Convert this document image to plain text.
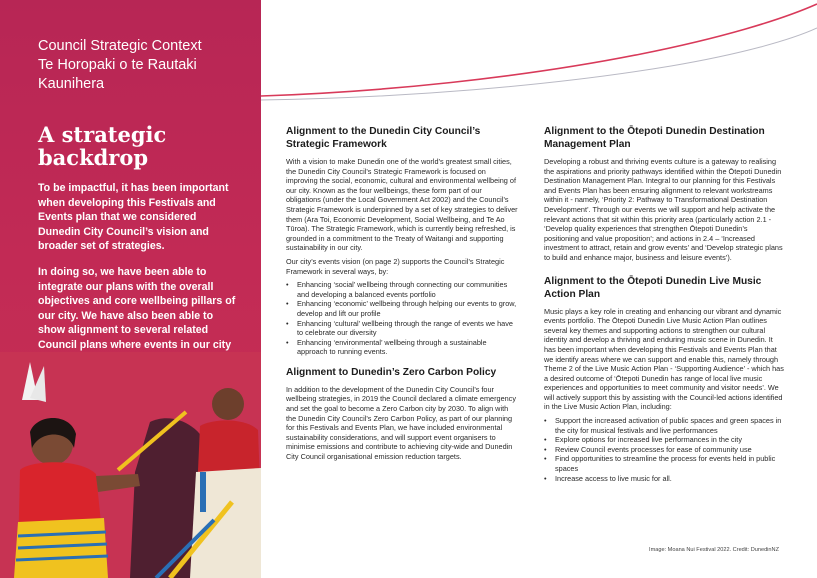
Council Strategic Context
Te Horopaki o te Rautaki
Kaunihera
A strategic
backdrop

To be impactful, it has been important when developing this Festivals and Events plan that we considered Dunedin City Council’s vision and broader set of strategies.

In doing so, we have been able to integrate our plans with the overall objectives and core wellbeing pillars of our city. We have also been able to show alignment to several related Council plans where events in our city

Alignment to the Dunedin City Council’s Strategic Framework

With a vision to make Dunedin one of the world’s greatest small cities, the Dunedin City Council’s Strategic Framework is focused on improving the social, economic, cultural and environmental wellbeing of our city. Known as the four wellbeings, these form part of our obligations (under the Local Government Act 2002) and the Council’s Strategic Framework is underpinned by a set of key strategies to deliver them (Ara Toi, Economic Development, Social Wellbeing, and Te Ao Tūroa). The Strategic Framework, which is currently being refreshed, is grounded in a commitment to the Treaty of Waitangi and supporting sustainability in our city.

Our city’s events vision (on page 2) supports the Council’s Strategic Framework in several ways, by:

• Enhancing ‘social’ wellbeing through connecting our communities and developing a balanced events portfolio
• Enhancing ‘economic’ wellbeing through helping our events to grow, develop and lift our profile
• Enhancing ‘cultural’ wellbeing through the range of events we have to celebrate our diversity
• Enhancing ‘environmental’ wellbeing through a sustainable approach to running events.
Alignment to Dunedin’s Zero Carbon Policy

In addition to the development of the Dunedin City Council’s four wellbeing strategies, in 2019 the Council declared a climate emergency and set the goal to become a Zero Carbon city by 2030. To align with the Dunedin City Council’s Zero Carbon Policy, as part of our planning for this Festivals and Events Plan, we have included environmental sustainability considerations, and will support event organisers to minimise emissions and contribute to achieving city-wide and Dunedin City Council organisational emission reduction targets.

Alignment to the Ōtepoti Dunedin Destination Management Plan

Developing a robust and thriving events culture is a gateway to realising the aspirations and priority pathways identified within the Ōtepoti Dunedin Destination Management Plan. Integral to our planning for this Festivals and Events Plan has been ensuring alignment to relevant workstreams within it - namely, ‘Priority 2: Pathway to Transformational Destination Development’. Through our events we will support and help activate the relevant actions that sit within this priority area (particularly action 2.1 - ‘Develop quality experiences that strengthen Ōtepoti Dunedin’s positioning and value proposition’; and actions in 2.4 – ‘Increased investment to attract, retain and grow events’ and ‘Develop strategic plans to build and enhance major, business and leisure events’).

Alignment to the Ōtepoti Dunedin Live Music Action Plan

Music plays a key role in creating and enhancing our vibrant and dynamic events portfolio. The Ōtepoti Dunedin Live Music Action Plan outlines several key themes and supporting actions to strengthen our cultural identity and develop a thriving and enduring music scene in Dunedin. It has been important when developing this Festivals and Events Plan that we identify areas where we can support and enable this, namely through Theme 2 of the Live Music Action Plan - ‘Supporting Audience’ - which has a desired outcome of ‘Ōtepoti Dunedin has range of local live music experiences and opportunities to meet community and visitor needs’. We will actively support this by assisting with the Council-led actions identified in the Live Music Action Plan, including:

• Support the increased activation of public spaces and green spaces in the city for musical festivals and live performances
• Explore options for increased live performances in the city
• Review Council events processes for ease of community use
• Find opportunities to streamline the process for events held in public spaces
• Increase access to live music for all.
Image: Moana Nui Festival 2022. Credit: DunedinNZ
